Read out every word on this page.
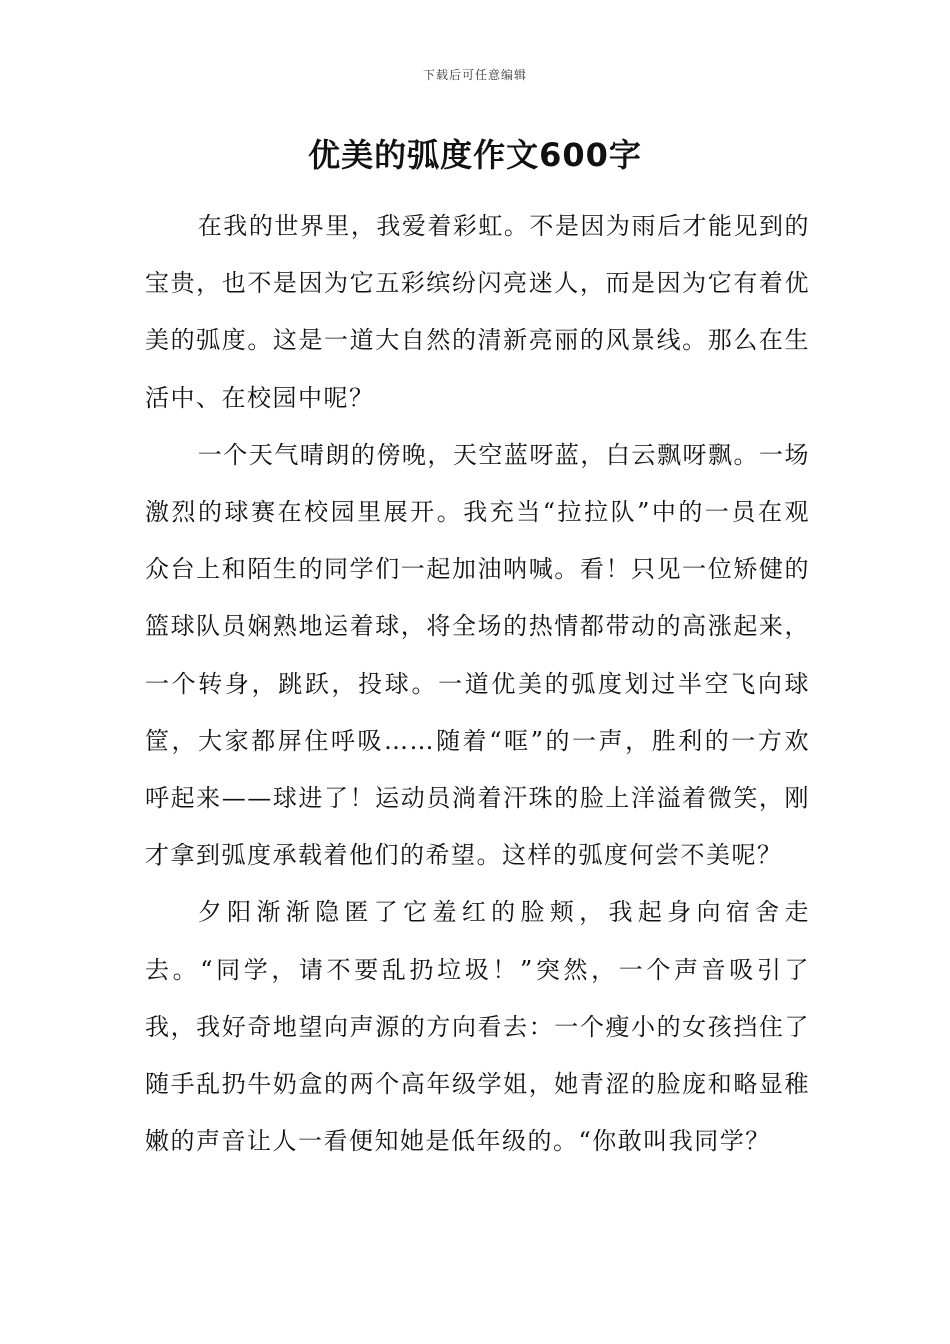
下载后可任意编辑
优美的弧度作文600字

在我的世界里，我爱着彩虹。不是因为雨后才能见到的宝贵，也不是因为它五彩缤纷闪亮迷人，而是因为它有着优美的弧度。这是一道大自然的清新亮丽的风景线。那么在生活中、在校园中呢？

一个天气晴朗的傍晚，天空蓝呀蓝，白云飘呀飘。一场激烈的球赛在校园里展开。我充当“拉拉队”中的一员在观众台上和陌生的同学们一起加油呐喊。看！只见一位矫健的篮球队员娴熟地运着球，将全场的热情都带动的高涨起来，一个转身，跳跃，投球。一道优美的弧度划过半空飞向球筐，大家都屏住呼吸……随着“哐”的一声，胜利的一方欢呼起来——球进了！运动员淌着汗珠的脸上洋溢着微笑，刚才拿到弧度承载着他们的希望。这样的弧度何尝不美呢？

夕阳渐渐隐匿了它羞红的脸颊，我起身向宿舍走去。“同学，请不要乱扔垃圾！”突然，一个声音吸引了我，我好奇地望向声源的方向看去：一个瘦小的女孩挡住了随手乱扔牛奶盒的两个高年级学姐，她青涩的脸庞和略显稚嫩的声音让人一看便知她是低年级的。“你敢叫我同学？
